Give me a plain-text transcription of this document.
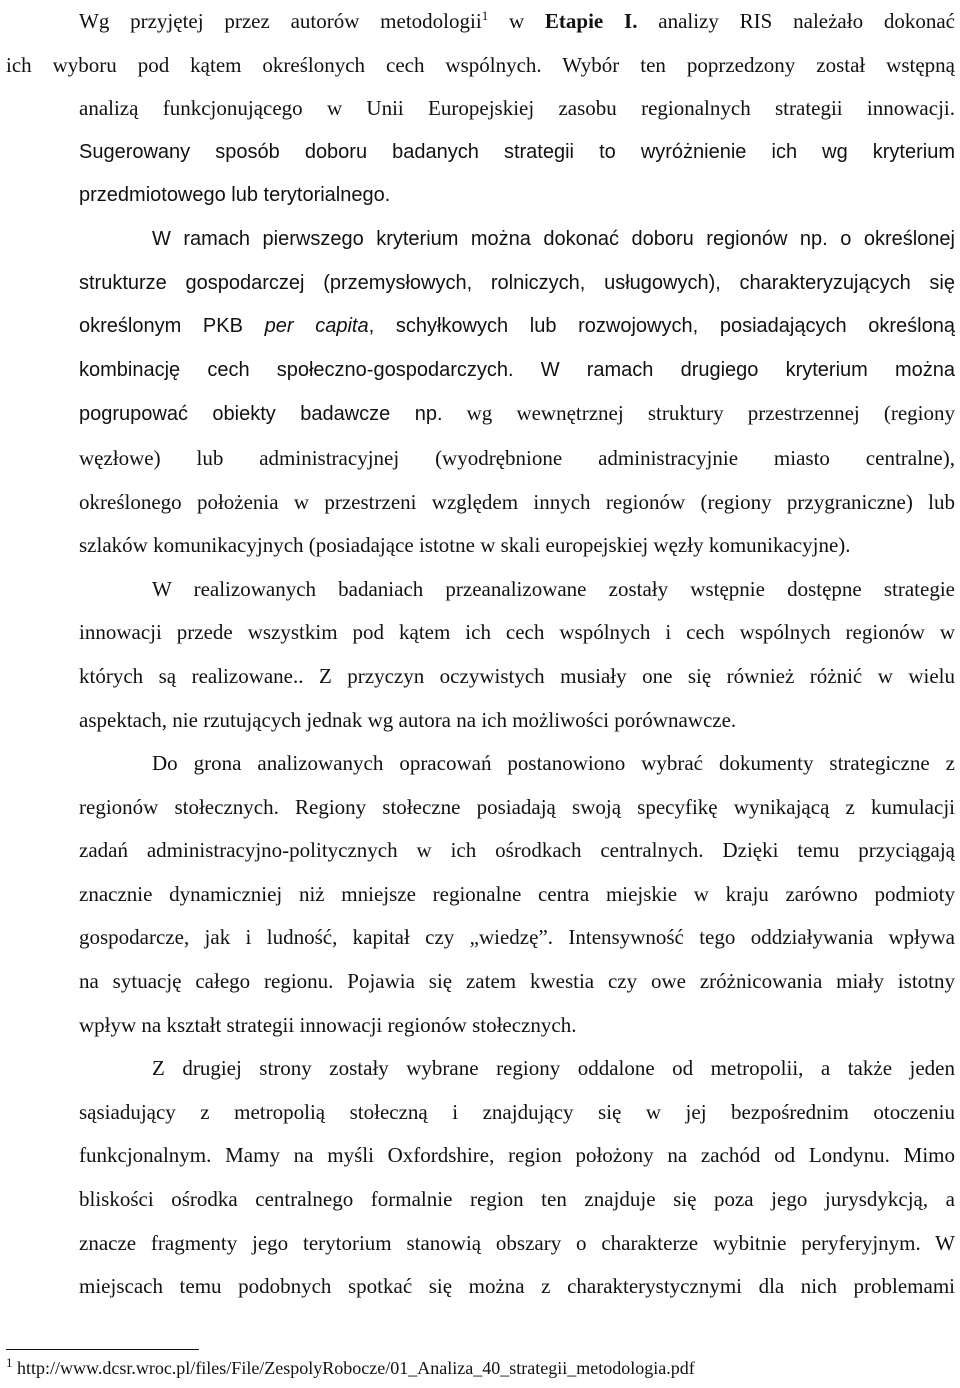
Wg przyjętej przez autorów metodologii$^1$ w Etapie I. analizy RIS należało dokonać
ich wyboru pod kątem określonych cech wspólnych. Wybór ten poprzedzony został wstępną
analizą funkcjonującego w Unii Europejskiej zasobu regionalnych strategii innowacji.
Sugerowany sposób doboru badanych strategii to wyróżnienie ich wg kryterium
przedmiotowego lub terytorialnego.

W ramach pierwszego kryterium można dokonać doboru regionów np. o określonej
strukturze gospodarczej (przemysłowych, rolniczych, usługowych), charakteryzujących się
określonym PKB per capita, schyłkowych lub rozwojowych, posiadających określoną
kombinację cech społeczno-gospodarczych. W ramach drugiego kryterium można
pogrupować obiekty badawcze np. wg wewnętrznej struktury przestrzennej (regiony
węzłowe) lub administracyjnej (wyodrębnione administracyjnie miasto centralne),
określonego położenia w przestrzeni względem innych regionów (regiony przygraniczne) lub
szlaków komunikacyjnych (posiadające istotne w skali europejskiej węzły komunikacyjne).

W realizowanych badaniach przeanalizowane zostały wstępnie dostępne strategie
innowacji przede wszystkim pod kątem ich cech wspólnych i cech wspólnych regionów w
których są realizowane.. Z przyczyn oczywistych musiały one się również różnić w wielu
aspektach, nie rzutujących jednak wg autora na ich możliwości porównawcze.

Do grona analizowanych opracowań postanowiono wybrać dokumenty strategiczne z
regionów stołecznych. Regiony stołeczne posiadają swoją specyfikę wynikającą z kumulacji
zadań administracyjno-politycznych w ich ośrodkach centralnych. Dzięki temu przyciągają
znacznie dynamiczniej niż mniejsze regionalne centra miejskie w kraju zarówno podmioty
gospodarcze, jak i ludność, kapitał czy „wiedzę”. Intensywność tego oddziaływania wpływa
na sytuację całego regionu. Pojawia się zatem kwestia czy owe zróżnicowania miały istotny
wpływ na kształt strategii innowacji regionów stołecznych.

Z drugiej strony zostały wybrane regiony oddalone od metropolii, a także jeden
sąsiadujący z metropolią stołeczną i znajdujący się w jej bezpośrednim otoczeniu
funkcjonalnym. Mamy na myśli Oxfordshire, region położony na zachód od Londynu. Mimo
bliskości ośrodka centralnego formalnie region ten znajduje się poza jego jurysdykcją, a
znacze fragmenty jego terytorium stanowią obszary o charakterze wybitnie peryferyjnym. W
miejscach temu podobnych spotkać się można z charakterystycznymi dla nich problemami

$^1$ http://www.dcsr.wroc.pl/files/File/ZespolyRobocze/01_Analiza_40_strategii_metodologia.pdf
